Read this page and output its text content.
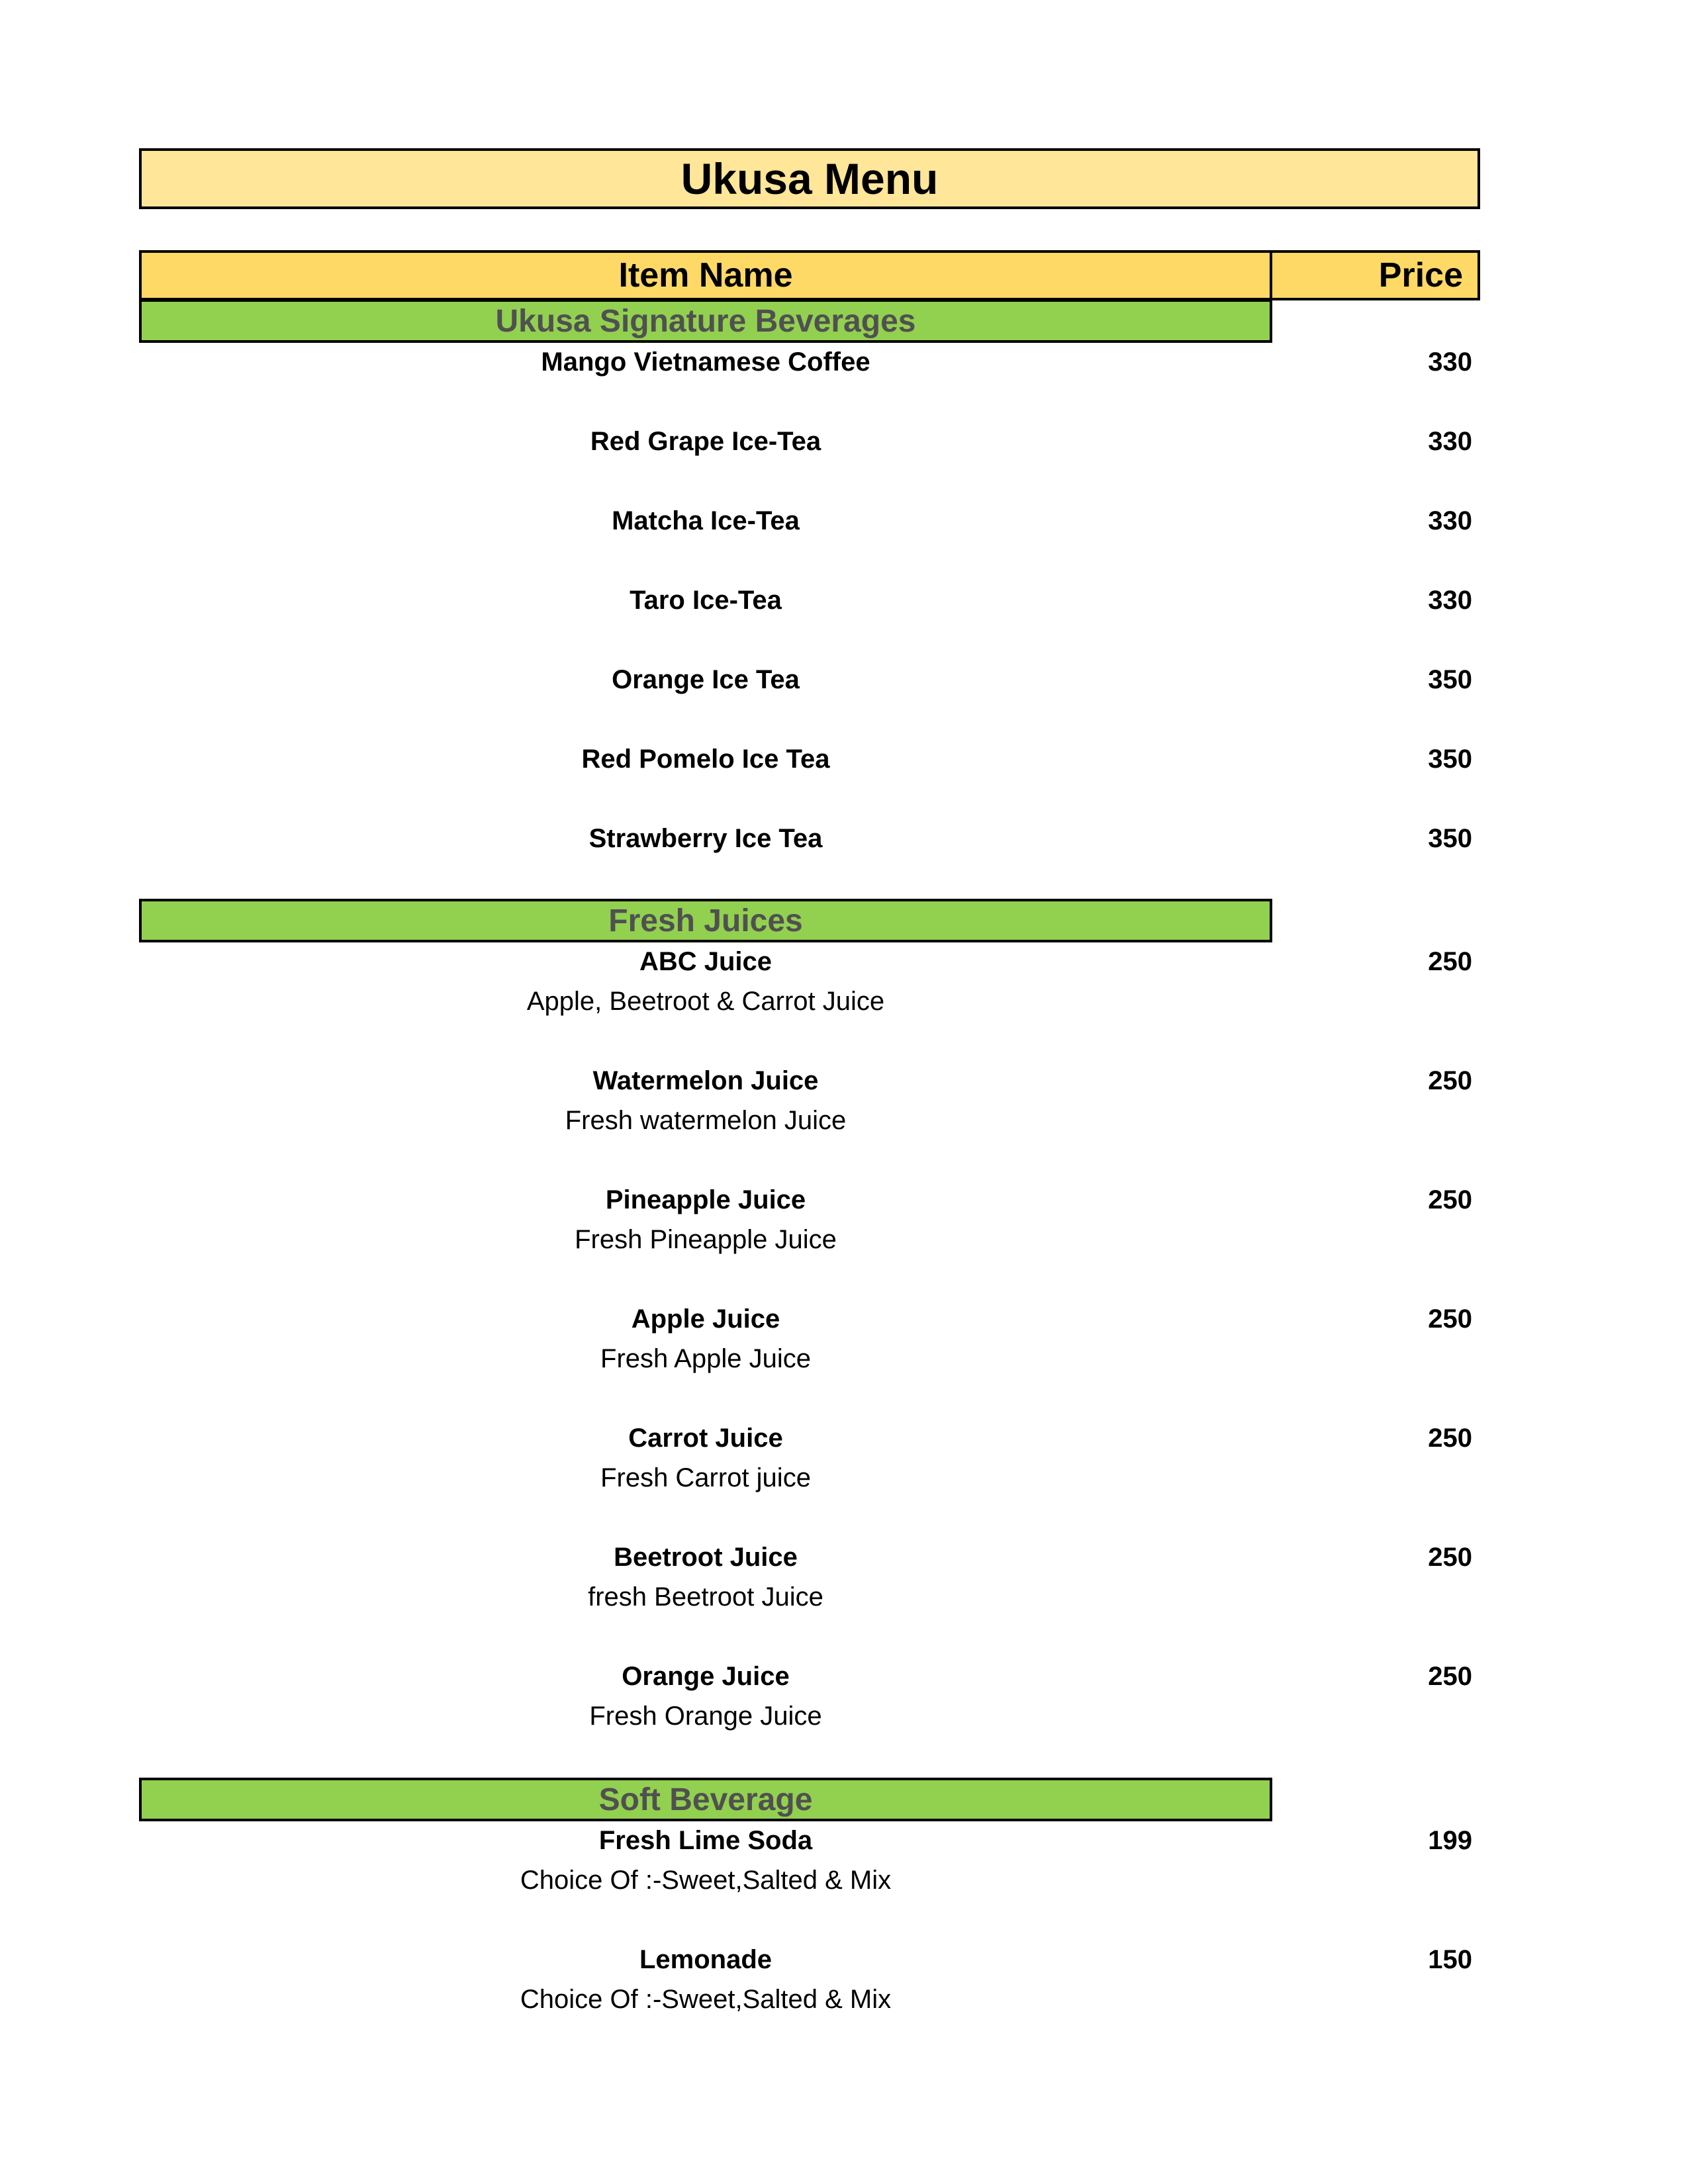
Ukusa Menu
Item Name	Price
Ukusa Signature Beverages
Mango Vietnamese Coffee	330
Red Grape Ice-Tea	330
Matcha Ice-Tea	330
Taro Ice-Tea	330
Orange Ice Tea	350
Red Pomelo Ice Tea	350
Strawberry Ice Tea	350
Fresh Juices
ABC Juice	250
Apple, Beetroot & Carrot Juice
Watermelon Juice	250
Fresh watermelon Juice
Pineapple Juice	250
Fresh Pineapple Juice
Apple Juice	250
Fresh Apple Juice
Carrot Juice	250
Fresh Carrot juice
Beetroot Juice	250
fresh Beetroot Juice
Orange Juice	250
Fresh Orange Juice
Soft Beverage
Fresh Lime Soda	199
Choice Of :-Sweet,Salted & Mix
Lemonade	150
Choice Of :-Sweet,Salted & Mix
